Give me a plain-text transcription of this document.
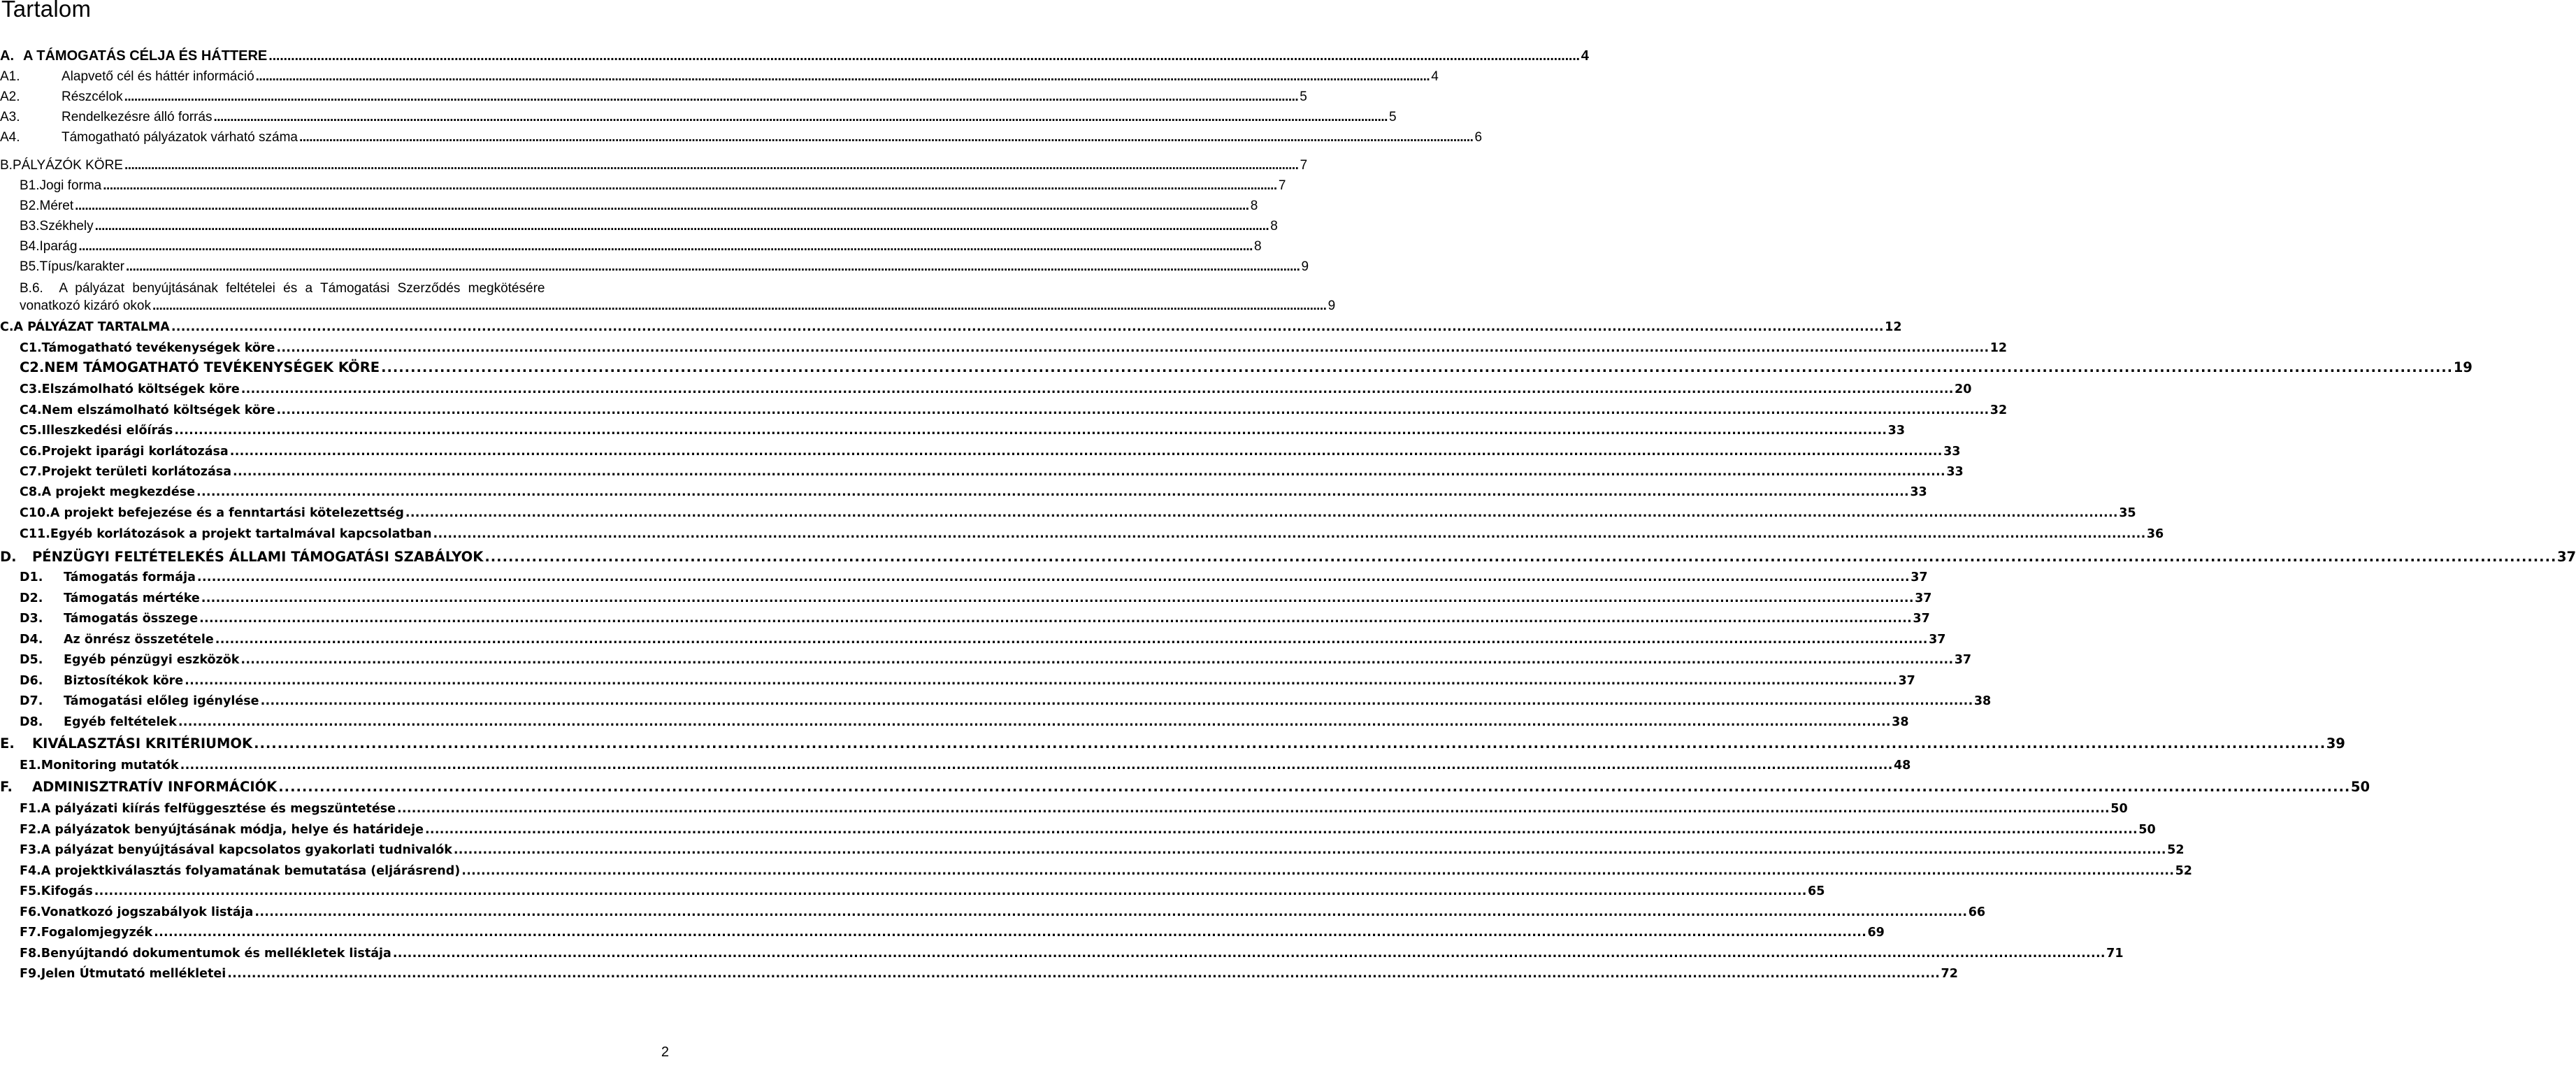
Tartalom
A. A TÁMOGATÁS CÉLJA ÉS HÁTTERE . . .	4
A1.	Alapvető cél és háttér információ . . .	4
A2.	Részcélok . . .	5
A3.	Rendelkezésre álló forrás . . .	5
A4.	Támogatható pályázatok várható száma . . .	6
B. PÁLYÁZÓK KÖRE . . .	7
B1. Jogi forma . . .	7
B2. Méret . . .	8
B3. Székhely . . .	8
B4. Iparág . . .	8
B5. Típus/karakter . . .	9
B.6. A pályázat benyújtásának feltételei és a Támogatási Szerződés megkötésére
vonatkozó kizáró okok . . .	9
C. A PÁLYÁZAT TARTALMA . . .	12
C1. Támogatható tevékenységek köre . . .	12
C2. NEM TÁMOGATHATÓ TEVÉKENYSÉGEK KÖRE . . .	19
C3. Elszámolható költségek köre . . .	20
C4. Nem elszámolható költségek köre . . .	32
C5. Illeszkedési előírás . . .	33
C6. Projekt iparági korlátozása . . .	33
C7. Projekt területi korlátozása . . .	33
C8. A projekt megkezdése . . .	33
C10. A projekt befejezése és a fenntartási kötelezettség . . .	35
C11. Egyéb korlátozások a projekt tartalmával kapcsolatban . . .	36
D.	PÉNZÜGYI FELTÉTELEKÉS ÁLLAMI TÁMOGATÁSI SZABÁLYOK . . .	37
D1.	Támogatás formája . . .	37
D2.	Támogatás mértéke . . .	37
D3.	Támogatás összege . . .	37
D4.	Az önrész összetétele . . .	37
D5.	Egyéb pénzügyi eszközök . . .	37
D6.	Biztosítékok köre . . .	37
D7.	Támogatási előleg igénylése . . .	38
D8.	Egyéb feltételek . . .	38
E.	KIVÁLASZTÁSI KRITÉRIUMOK . . .	39
E1. Monitoring mutatók . . .	48
F.	ADMINISZTRATÍV INFORMÁCIÓK . . .	50
F1. A pályázati kiírás felfüggesztése és megszüntetése . . .	50
F2. A pályázatok benyújtásának módja, helye és határideje . . .	50
F3. A pályázat benyújtásával kapcsolatos gyakorlati tudnivalók . . .	52
F4. A projektkiválasztás folyamatának bemutatása (eljárásrend) . . .	52
F5. Kifogás . . .	65
F6. Vonatkozó jogszabályok listája . . .	66
F7. Fogalomjegyzék . . .	69
F8. Benyújtandó dokumentumok és mellékletek listája . . .	71
F9. Jelen Útmutató mellékletei . . .	72
2
